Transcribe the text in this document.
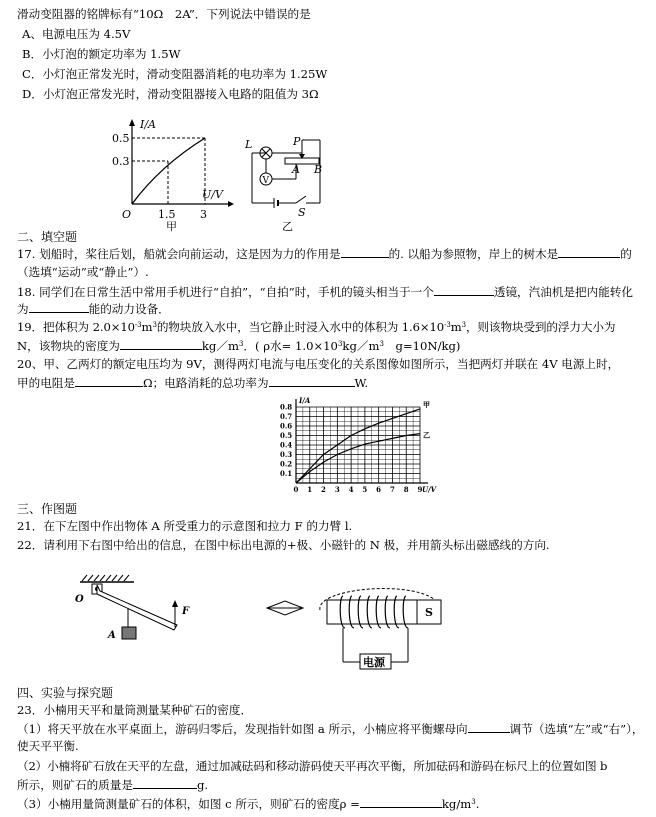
滑动变阻器的铭牌标有“10Ω　2A”．下列说法中错误的是
A、电源电压为 4.5V
B．小灯泡的额定功率为 1.5W
C．小灯泡正常发光时，滑动变阻器消耗的电功率为 1.25W
D．小灯泡正常发光时，滑动变阻器接入电路的阻值为 3Ω
I/A
U/V
0.5
0.3
1.5 3
O
甲
V
L	P
A B
S
乙
二、填空题
17. 划船时，桨往后划，船就会向前运动，这是因为力的作用是	的. 以船为参照物，岸上的树木是	的
（选填“运动”或“静止”）.
18. 同学们在日常生活中常用手机进行“自拍”，“自拍”时，手机的镜头相当于一个	透镜，汽油机是把内能转化
为	能的动力设备．
19．把体积为 $2.0\times 10^{-3}m^3$的物块放入水中，当它静止时浸入水中的体积为 $1.6\times 10^{-3}m^3$，则该物块受到的浮力大小为
N，该物块的密度为	$kg/m^3$．( ρ水= $1.0\times 10^3kg/m^3$　g=10N/kg)
20、甲、乙两灯的额定电压均为 9V，测得两灯电流与电压变化的关系图像如图所示，当把两灯并联在 4V 电源上时，
甲的电阻是	Ω；电路消耗的总功率为	W.
0 1 2 3 4 5 6 7 8 9
0.1
0.2
0.3
0.4
0.5
0.6
0.7
0.8
U/V
I/A	甲
乙
三、作图题
21．在下左图中作出物体 A 所受重力的示意图和拉力 F 的力臂 l.
22．请利用下右图中给出的信息，在图中标出电源的+极、小磁针的 N 极，并用箭头标出磁感线的方向.
O
A
F	S
电源
四、实验与探究题
23．小楠用天平和量筒测量某种矿石的密度．
（1）将天平放在水平桌面上，游码归零后，发现指针如图 a 所示，小楠应将平衡螺母向	调节（选填“左”或“右”），
使天平平衡.
（2）小楠将矿石放在天平的左盘，通过加减砝码和移动游码使天平再次平衡，所加砝码和游码在标尺上的位置如图 b
所示，则矿石的质量是	g.
（3）小楠用量筒测量矿石的体积，如图 c 所示，则矿石的密度ρ =	$kg/m^3$.
